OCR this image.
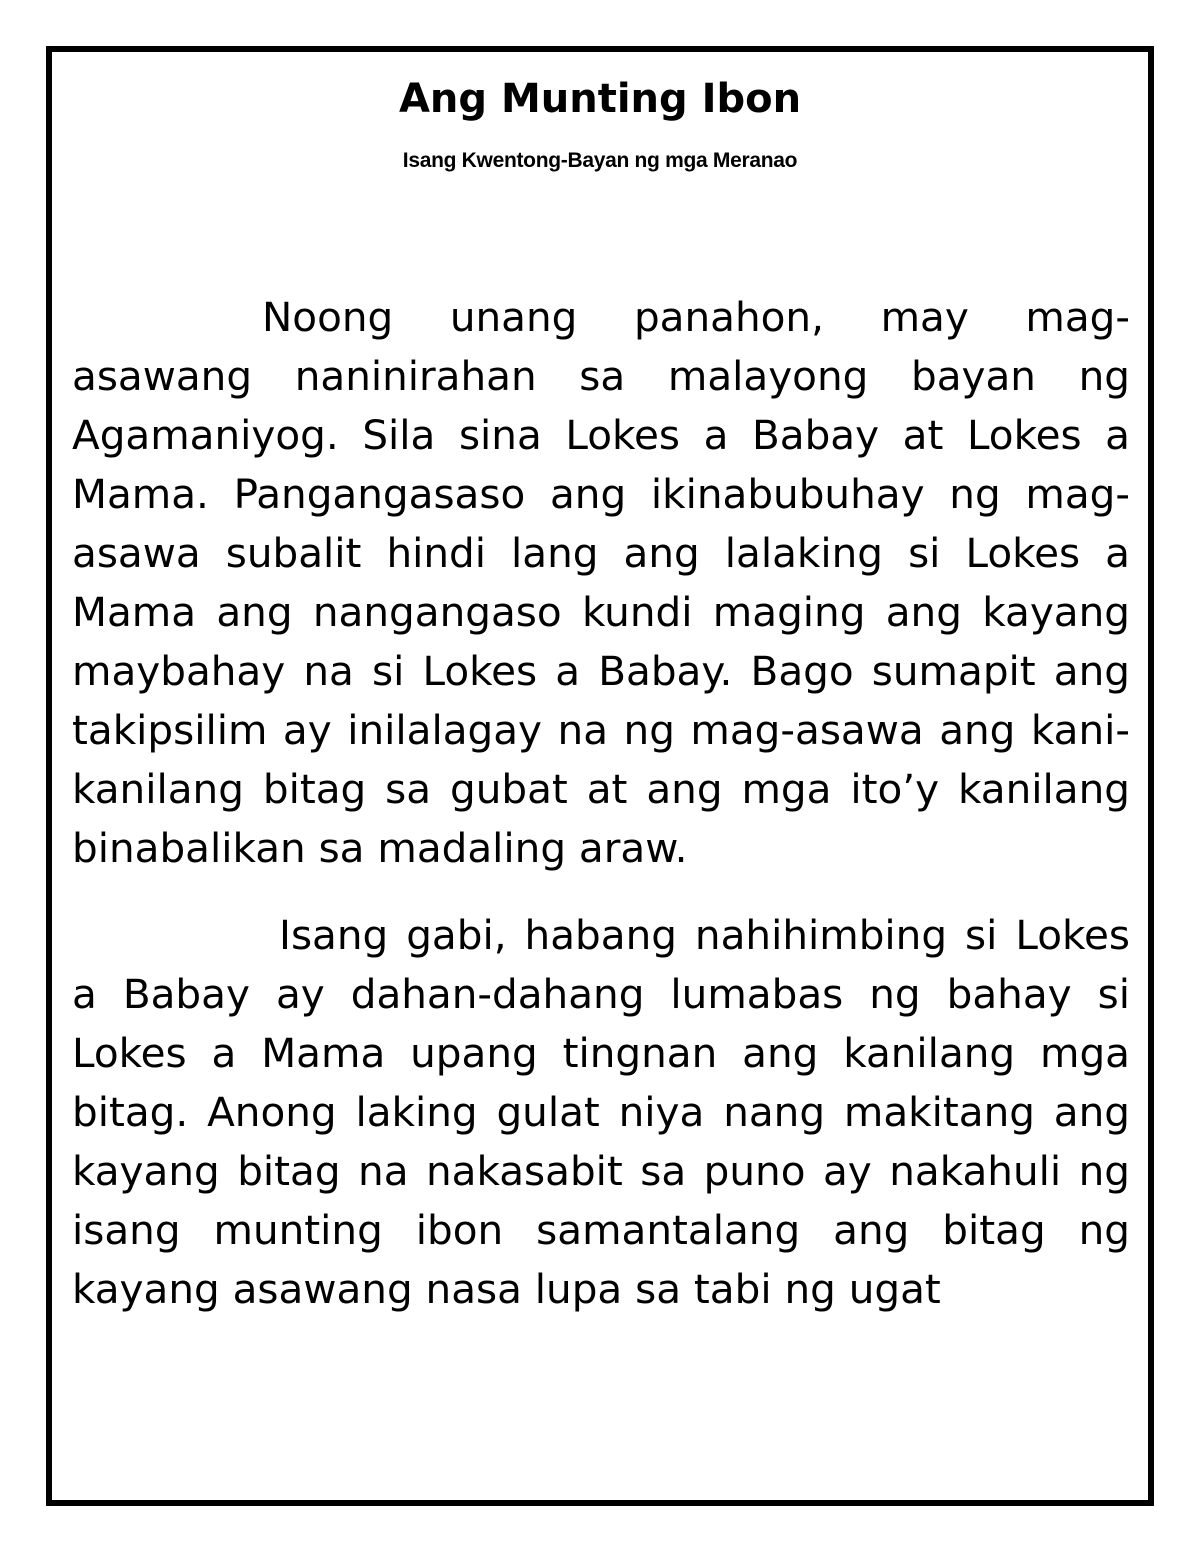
Ang Munting Ibon
Isang Kwentong-Bayan ng mga Meranao

Noong unang panahon, may mag-asawang naninirahan sa malayong bayan ng Agamaniyog. Sila sina Lokes a Babay at Lokes a Mama. Pangangasaso ang ikinabubuhay ng mag-asawa subalit hindi lang ang lalaking si Lokes a Mama ang nangangaso kundi maging ang kayang maybahay na si Lokes a Babay. Bago sumapit ang takipsilim ay inilalagay na ng mag-asawa ang kani-kanilang bitag sa gubat at ang mga ito’y kanilang binabalikan sa madaling araw.

Isang gabi, habang nahihimbing si Lokes a Babay ay dahan-dahang lumabas ng bahay si Lokes a Mama upang tingnan ang kanilang mga bitag. Anong laking gulat niya nang makitang ang kayang bitag na nakasabit sa puno ay nakahuli ng isang munting ibon samantalang ang bitag ng kayang asawang nasa lupa sa tabi ng ugat
